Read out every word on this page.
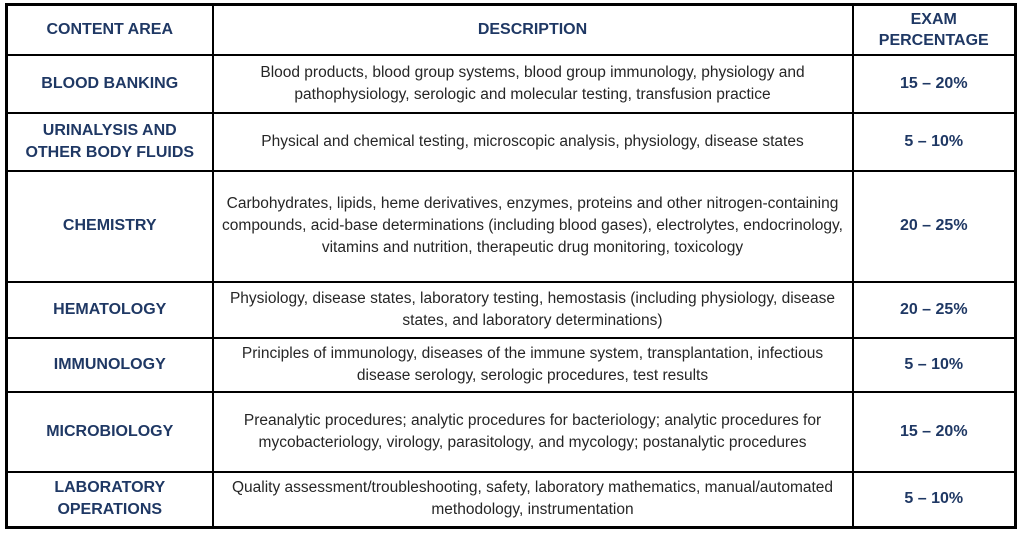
CONTENT AREA	DESCRIPTION	EXAM PERCENTAGE
BLOOD BANKING	Blood products, blood group systems, blood group immunology, physiology and pathophysiology, serologic and molecular testing, transfusion practice	15 – 20%
URINALYSIS AND OTHER BODY FLUIDS	Physical and chemical testing, microscopic analysis, physiology, disease states	5 – 10%
CHEMISTRY	Carbohydrates, lipids, heme derivatives, enzymes, proteins and other nitrogen-containing compounds, acid-base determinations (including blood gases), electrolytes, endocrinology, vitamins and nutrition, therapeutic drug monitoring, toxicology	20 – 25%
HEMATOLOGY	Physiology, disease states, laboratory testing, hemostasis (including physiology, disease states, and laboratory determinations)	20 – 25%
IMMUNOLOGY	Principles of immunology, diseases of the immune system, transplantation, infectious disease serology, serologic procedures, test results	5 – 10%
MICROBIOLOGY	Preanalytic procedures; analytic procedures for bacteriology; analytic procedures for mycobacteriology, virology, parasitology, and mycology; postanalytic procedures	15 – 20%
LABORATORY OPERATIONS	Quality assessment/troubleshooting, safety, laboratory mathematics, manual/automated methodology, instrumentation	5 – 10%
